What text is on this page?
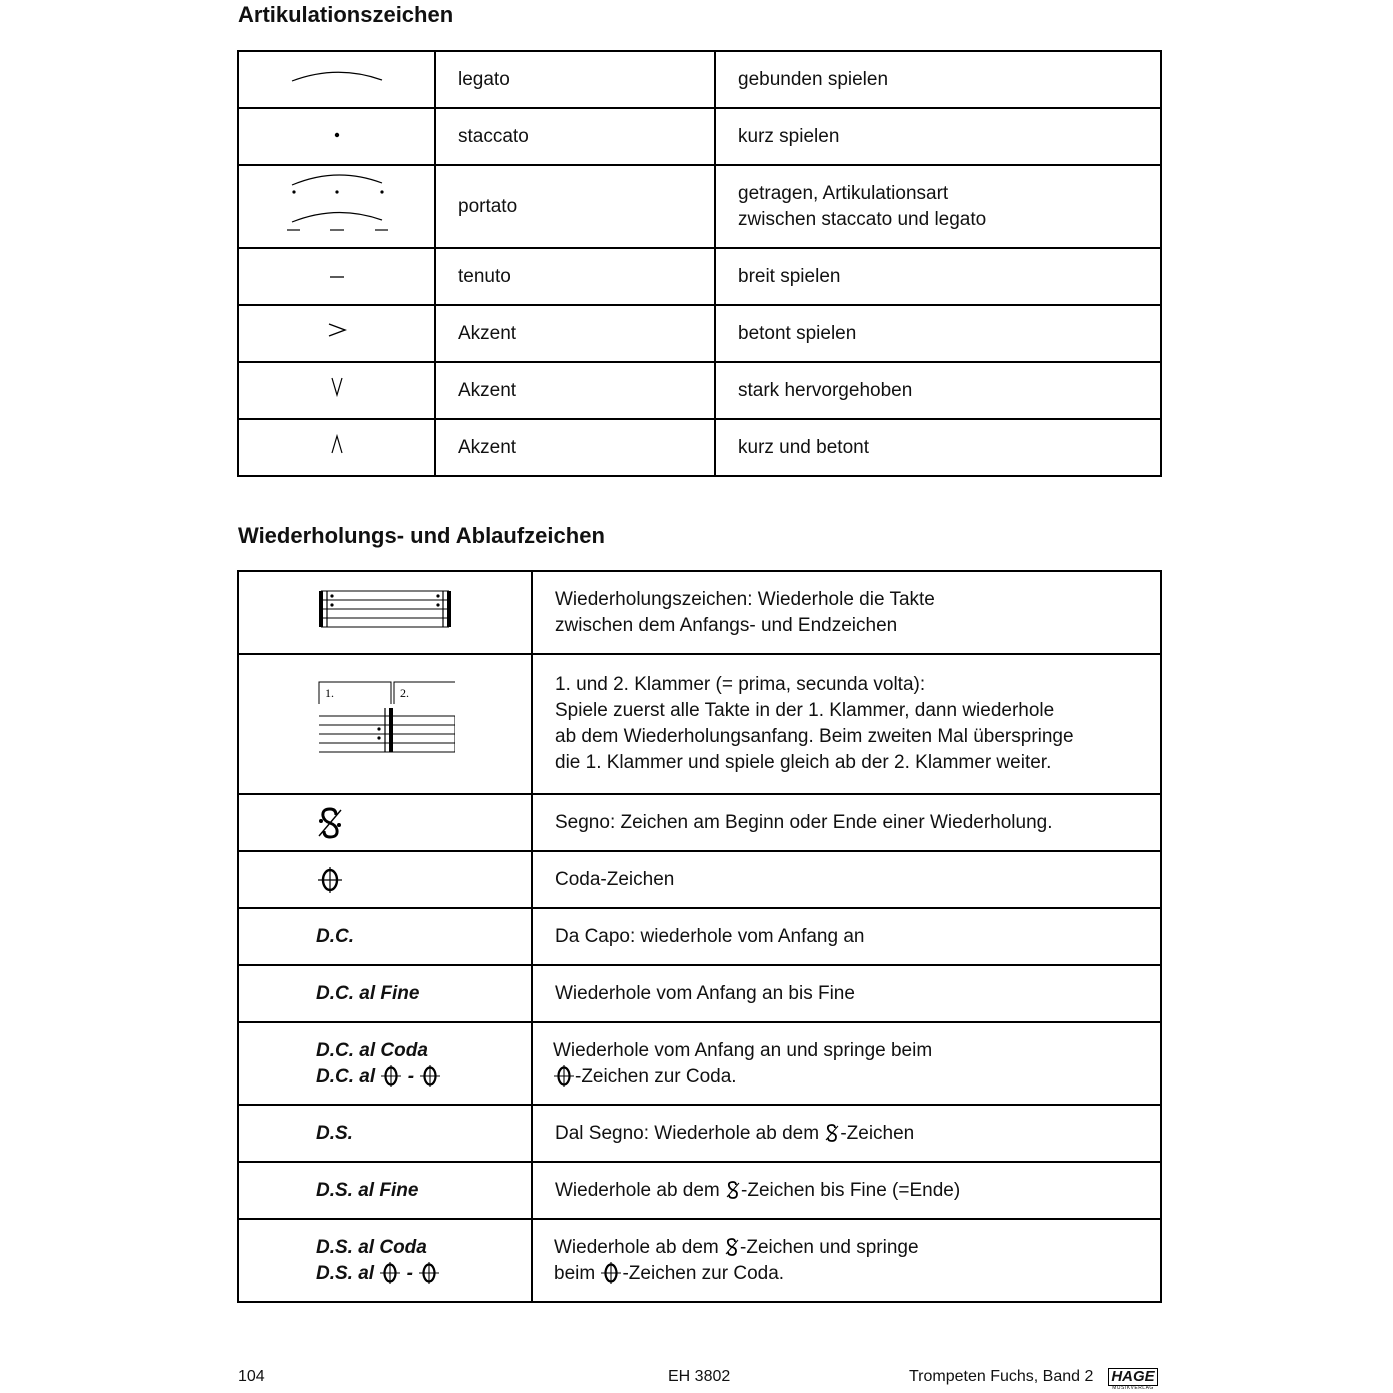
Artikulationszeichen
	legato	gebunden spielen
	staccato	kurz spielen
	portato	getragen, Artikulationsart
zwischen staccato und legato

	tenuto	breit spielen
	Akzent	betont spielen
	Akzent	stark hervorgehoben
	Akzent	kurz und betont
Wiederholungs- und Ablaufzeichen

Wiederholungszeichen: Wiederhole die Takte
zwischen dem Anfangs- und Endzeichen

1. 2.	1. und 2. Klammer (= prima, secunda volta):
Spiele zuerst alle Takte in der 1. Klammer, dann wiederhole
ab dem Wiederholungsanfang. Beim zweiten Mal überspringe
die 1. Klammer und spiele gleich ab der 2. Klammer weiter.

	Segno: Zeichen am Beginn oder Ende einer Wiederholung.
	Coda-Zeichen
D.C.	Da Capo: wiederhole vom Anfang an
D.C. al Fine	Wiederhole vom Anfang an bis Fine

D.C. al Coda
D.C. al -	Wiederhole vom Anfang an und springe beim
-Zeichen zur Coda.

D.S.	Dal Segno: Wiederhole ab dem -Zeichen
D.S. al Fine	Wiederhole ab dem -Zeichen bis Fine (=Ende)

D.S. al Coda
D.S. al -	Wiederhole ab dem -Zeichen und springe
beim -Zeichen zur Coda.
104	EH 3802	Trompeten Fuchs, Band 2 HAGE
MUSIKVERLAG
